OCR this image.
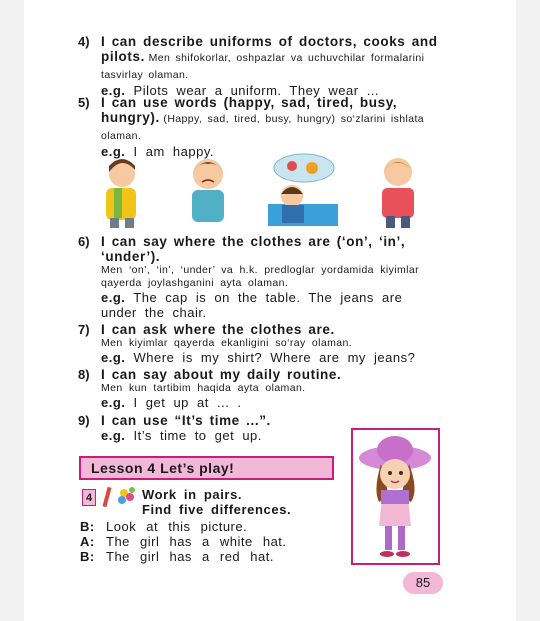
4) I can describe uniforms of doctors, cooks and pilots. Men shifokorlar, oshpazlar va uchuvchilar formalarini tasvirlay olaman.
e.g. Pilots wear a uniform. They wear ...
5) I can use words (happy, sad, tired, busy, hungry). (Happy, sad, tired, busy, hungry) so‘zlarini ishlata olaman.
e.g. I am happy.
6) I can say where the clothes are (‘on’, ‘in’, ‘under’).
Men ‘on’, ‘in’, ‘under’ va h.k. predloglar yordamida kiyimlar qayerda joylashganini ayta olaman.
e.g. The cap is on the table. The jeans are under the chair.
7) I can ask where the clothes are.
Men kiyimlar qayerda ekanligini so‘ray olaman.
e.g. Where is my shirt? Where are my jeans?
8) I can say about my daily routine.
Men kun tartibim haqida ayta olaman.
e.g. I get up at ... .
9) I can use “It’s time ...”.
e.g. It’s time to get up.
Lesson 4 Let’s play!
4	Work in pairs.
Find five differences.
B: Look at this picture.
A: The girl has a white hat.
B: The girl has a red hat.
85
